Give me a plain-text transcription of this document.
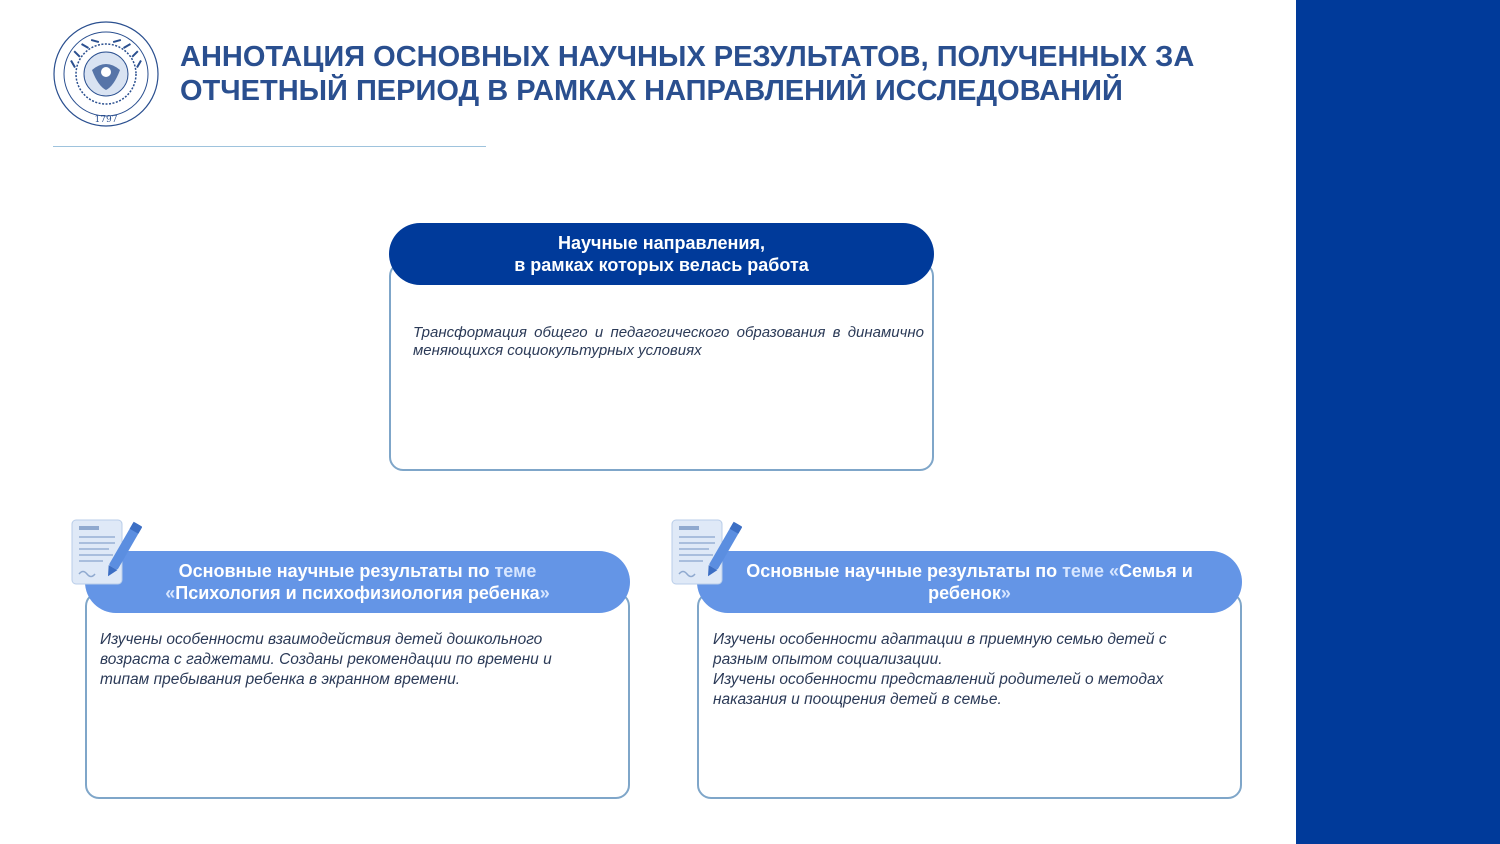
1797
АННОТАЦИЯ ОСНОВНЫХ НАУЧНЫХ РЕЗУЛЬТАТОВ, ПОЛУЧЕННЫХ ЗА
ОТЧЕТНЫЙ ПЕРИОД В РАМКАХ НАПРАВЛЕНИЙ ИССЛЕДОВАНИЙ
Научные направления,
в рамках которых велась работа

Трансформация общего и педагогического образования в динамично меняющихся социокультурных условиях

Основные научные результаты по теме
«Психология и психофизиология ребенка»

Изучены особенности взаимодействия детей дошкольного возраста с гаджетами. Созданы рекомендации по времени и типам пребывания ребенка в экранном времени.

Основные научные результаты по теме «Семья и ребенок»
Изучены особенности адаптации в приемную семью детей с разным опытом социализации.
Изучены особенности представлений родителей о методах наказания и поощрения детей в семье.
